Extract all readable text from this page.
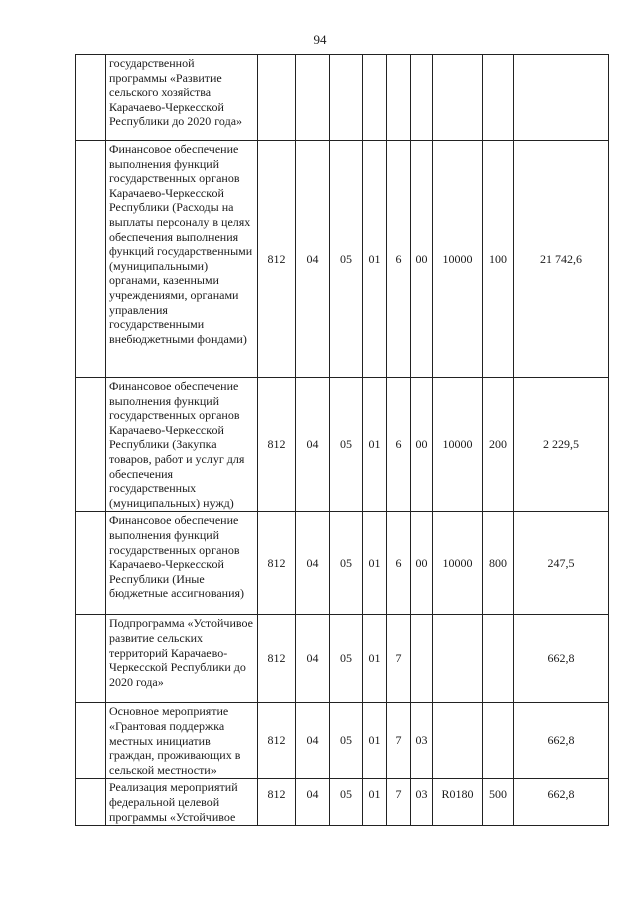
94
	государственной программы «Развитие сельского хозяйства Карачаево-Черкесской Республики до 2020 года»									
	Финансовое обеспечение выполнения функций государственных органов Карачаево-Черкесской Республики (Расходы на выплаты персоналу в целях обеспечения выполнения функций государственными (муниципальными) органами, казенными учреждениями, органами управления государственными внебюджетными фондами)	812	04	05	01	6	00	10000	100	21 742,6
	Финансовое обеспечение выполнения функций государственных органов Карачаево-Черкесской Республики (Закупка товаров, работ и услуг для обеспечения государственных (муниципальных) нужд)	812	04	05	01	6	00	10000	200	2 229,5
	Финансовое обеспечение выполнения функций государственных органов Карачаево-Черкесской Республики (Иные бюджетные ассигнования)	812	04	05	01	6	00	10000	800	247,5
	Подпрограмма «Устойчивое развитие сельских территорий Карачаево-Черкесской Республики до 2020 года»	812	04	05	01	7				662,8
	Основное мероприятие «Грантовая поддержка местных инициатив граждан, проживающих в сельской местности»	812	04	05	01	7	03			662,8
	Реализация мероприятий федеральной целевой программы «Устойчивое	812	04	05	01	7	03	R0180	500	662,8
